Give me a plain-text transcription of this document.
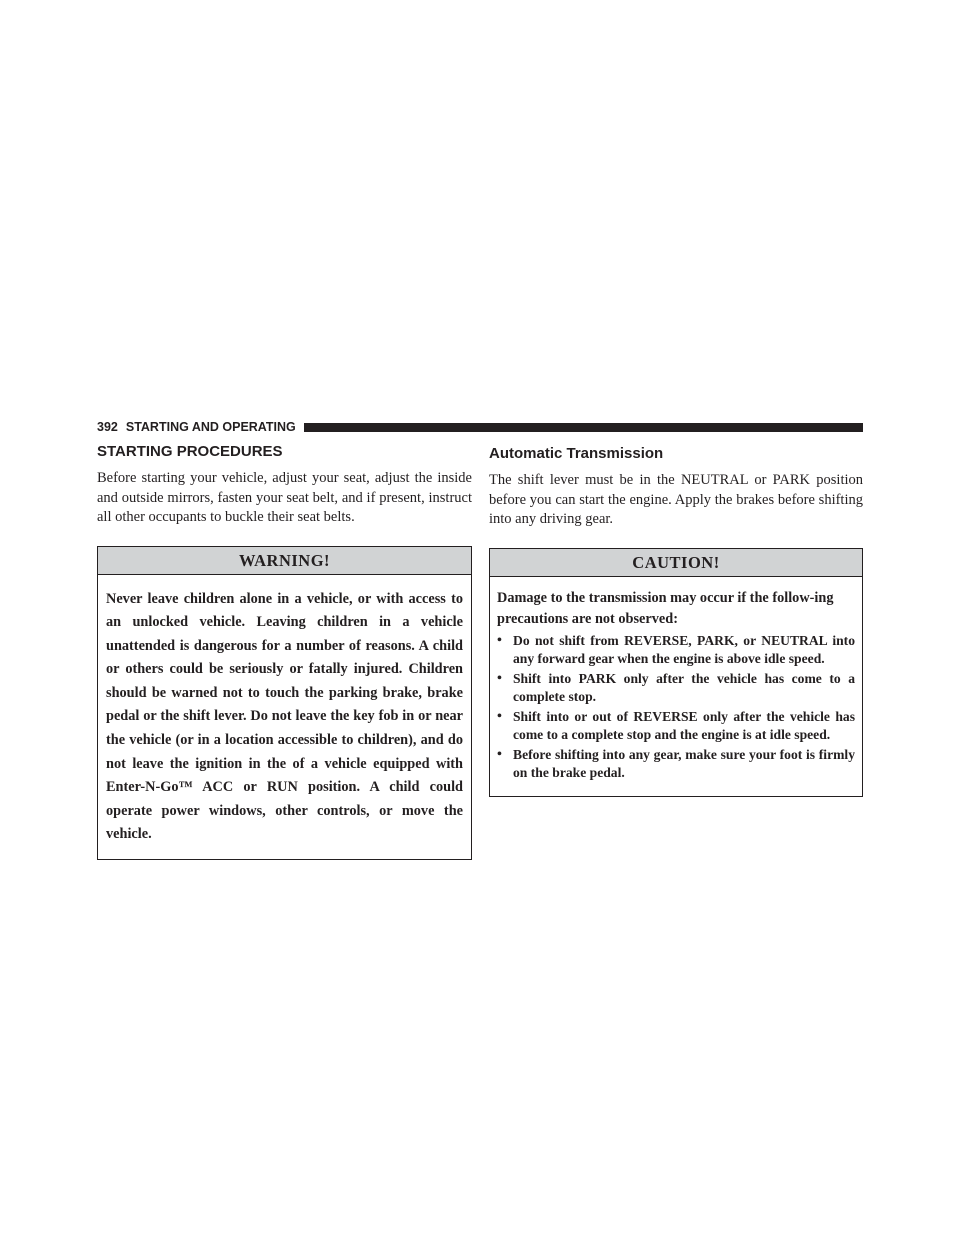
392 STARTING AND OPERATING
STARTING PROCEDURES

Before starting your vehicle, adjust your seat, adjust the inside and outside mirrors, fasten your seat belt, and if present, instruct all other occupants to buckle their seat belts.

WARNING!

Never leave children alone in a vehicle, or with access to an unlocked vehicle. Leaving children in a vehicle unattended is dangerous for a number of reasons. A child or others could be seriously or fatally injured. Children should be warned not to touch the parking brake, brake pedal or the shift lever. Do not leave the key fob in or near the vehicle (or in a location accessible to children), and do not leave the ignition in the of a vehicle equipped with Enter-N-Go™ ACC or RUN position. A child could operate power windows, other controls, or move the vehicle.

Automatic Transmission

The shift lever must be in the NEUTRAL or PARK position before you can start the engine. Apply the brakes before shifting into any driving gear.

CAUTION!

Damage to the transmission may occur if the follow-ing precautions are not observed:

• Do not shift from REVERSE, PARK, or NEUTRAL into any forward gear when the engine is above idle speed.
• Shift into PARK only after the vehicle has come to a complete stop.
• Shift into or out of REVERSE only after the vehicle has come to a complete stop and the engine is at idle speed.
• Before shifting into any gear, make sure your foot is firmly on the brake pedal.
